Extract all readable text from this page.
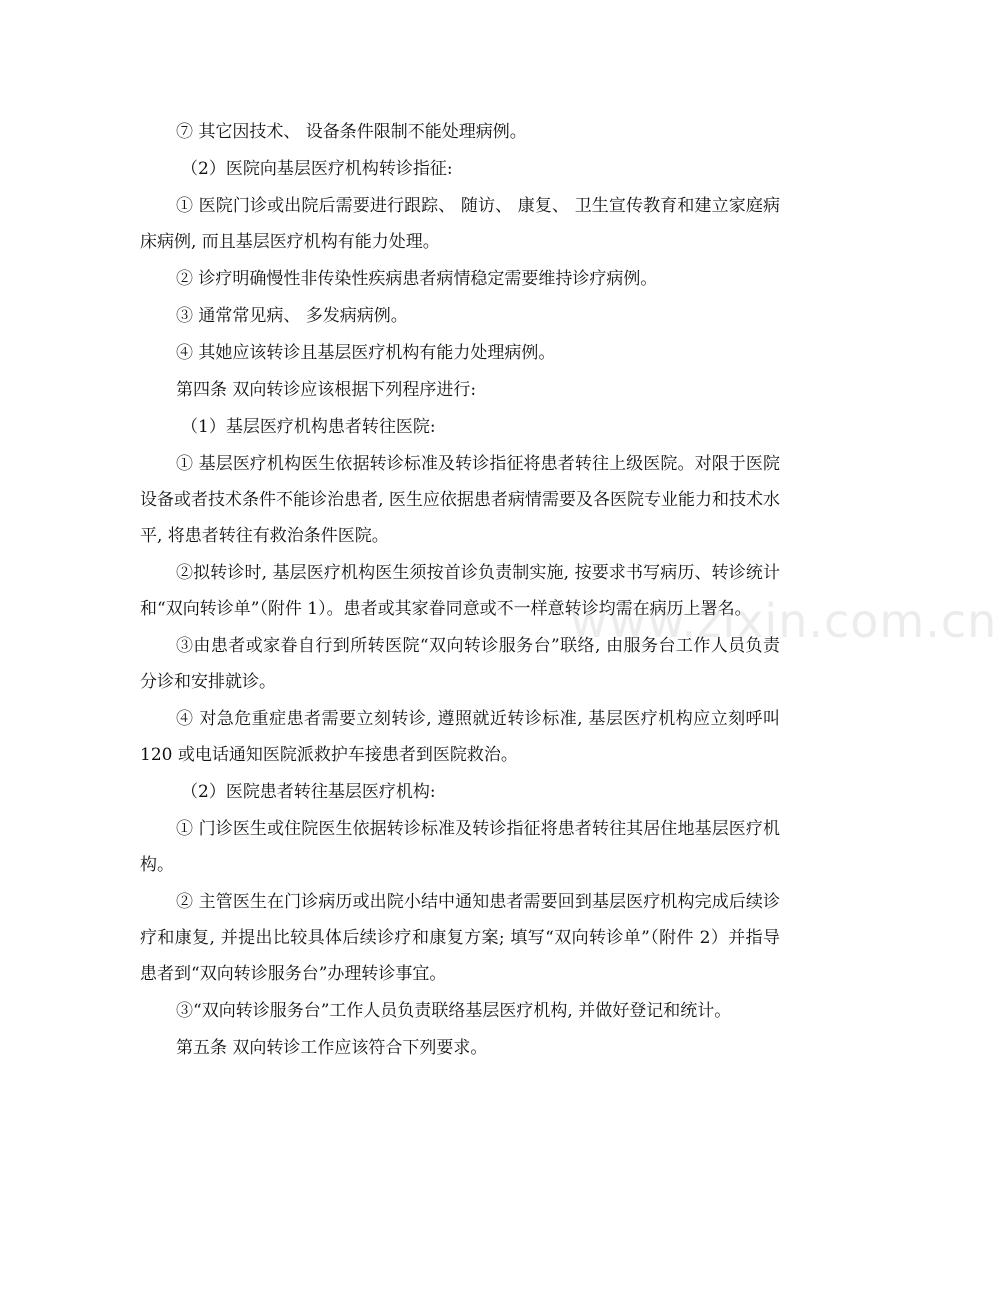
www.zixin.com.cn

⑦ 其它因技术、 设备条件限制不能处理病例。

（2）医院向基层医疗机构转诊指征:

① 医院门诊或出院后需要进行跟踪、 随访、 康复、 卫生宣传教育和建立家庭病床病例, 而且基层医疗机构有能力处理。

② 诊疗明确慢性非传染性疾病患者病情稳定需要维持诊疗病例。

③ 通常常见病、 多发病病例。

④ 其她应该转诊且基层医疗机构有能力处理病例。

第四条 双向转诊应该根据下列程序进行:

（1）基层医疗机构患者转往医院:

① 基层医疗机构医生依据转诊标准及转诊指征将患者转往上级医院。对限于医院设备或者技术条件不能诊治患者, 医生应依据患者病情需要及各医院专业能力和技术水平, 将患者转往有救治条件医院。

②拟转诊时, 基层医疗机构医生须按首诊负责制实施, 按要求书写病历、转诊统计和“双向转诊单”（附件 1）。患者或其家眷同意或不一样意转诊均需在病历上署名。

③由患者或家眷自行到所转医院“双向转诊服务台”联络, 由服务台工作人员负责分诊和安排就诊。

④ 对急危重症患者需要立刻转诊, 遵照就近转诊标准, 基层医疗机构应立刻呼叫 120 或电话通知医院派救护车接患者到医院救治。

（2）医院患者转往基层医疗机构:

① 门诊医生或住院医生依据转诊标准及转诊指征将患者转往其居住地基层医疗机构。

② 主管医生在门诊病历或出院小结中通知患者需要回到基层医疗机构完成后续诊疗和康复, 并提出比较具体后续诊疗和康复方案; 填写“双向转诊单”（附件 2）并指导患者到“双向转诊服务台”办理转诊事宜。

③“双向转诊服务台”工作人员负责联络基层医疗机构, 并做好登记和统计。

第五条 双向转诊工作应该符合下列要求。
